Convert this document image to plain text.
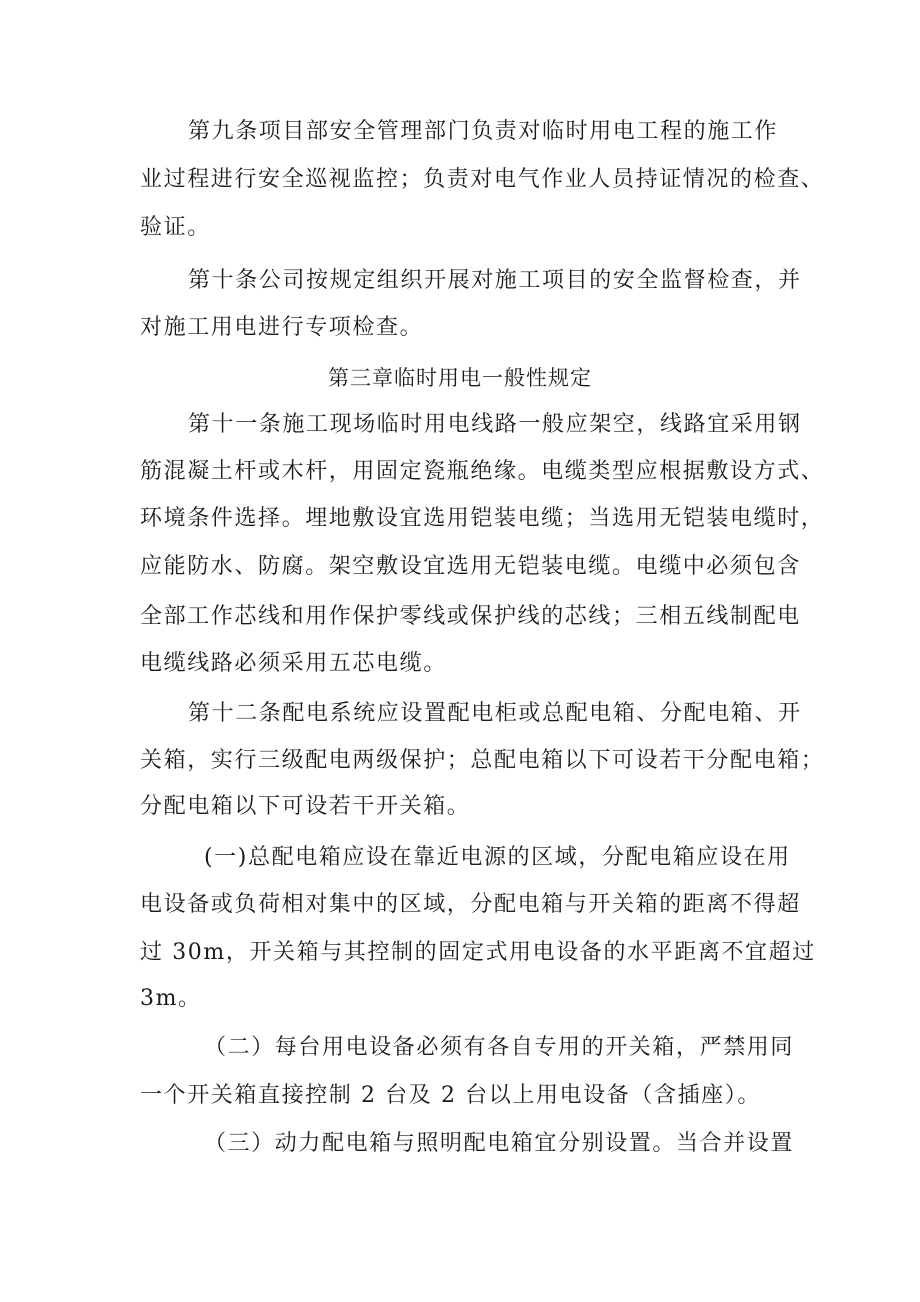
第九条项目部安全管理部门负责对临时用电工程的施工作
业过程进行安全巡视监控；负责对电气作业人员持证情况的检查、
验证。
第十条公司按规定组织开展对施工项目的安全监督检查，并
对施工用电进行专项检查。
第三章临时用电一般性规定
第十一条施工现场临时用电线路一般应架空，线路宜采用钢
筋混凝土杆或木杆，用固定瓷瓶绝缘。电缆类型应根据敷设方式、
环境条件选择。埋地敷设宜选用铠装电缆；当选用无铠装电缆时，
应能防水、防腐。架空敷设宜选用无铠装电缆。电缆中必须包含
全部工作芯线和用作保护零线或保护线的芯线；三相五线制配电
电缆线路必须采用五芯电缆。
第十二条配电系统应设置配电柜或总配电箱、分配电箱、开
关箱，实行三级配电两级保护；总配电箱以下可设若干分配电箱；
分配电箱以下可设若干开关箱。
(一)总配电箱应设在靠近电源的区域，分配电箱应设在用
电设备或负荷相对集中的区域，分配电箱与开关箱的距离不得超
过 30m，开关箱与其控制的固定式用电设备的水平距离不宜超过
3m。
（二）每台用电设备必须有各自专用的开关箱，严禁用同
一个开关箱直接控制 2 台及 2 台以上用电设备（含插座）。
（三）动力配电箱与照明配电箱宜分别设置。当合并设置
